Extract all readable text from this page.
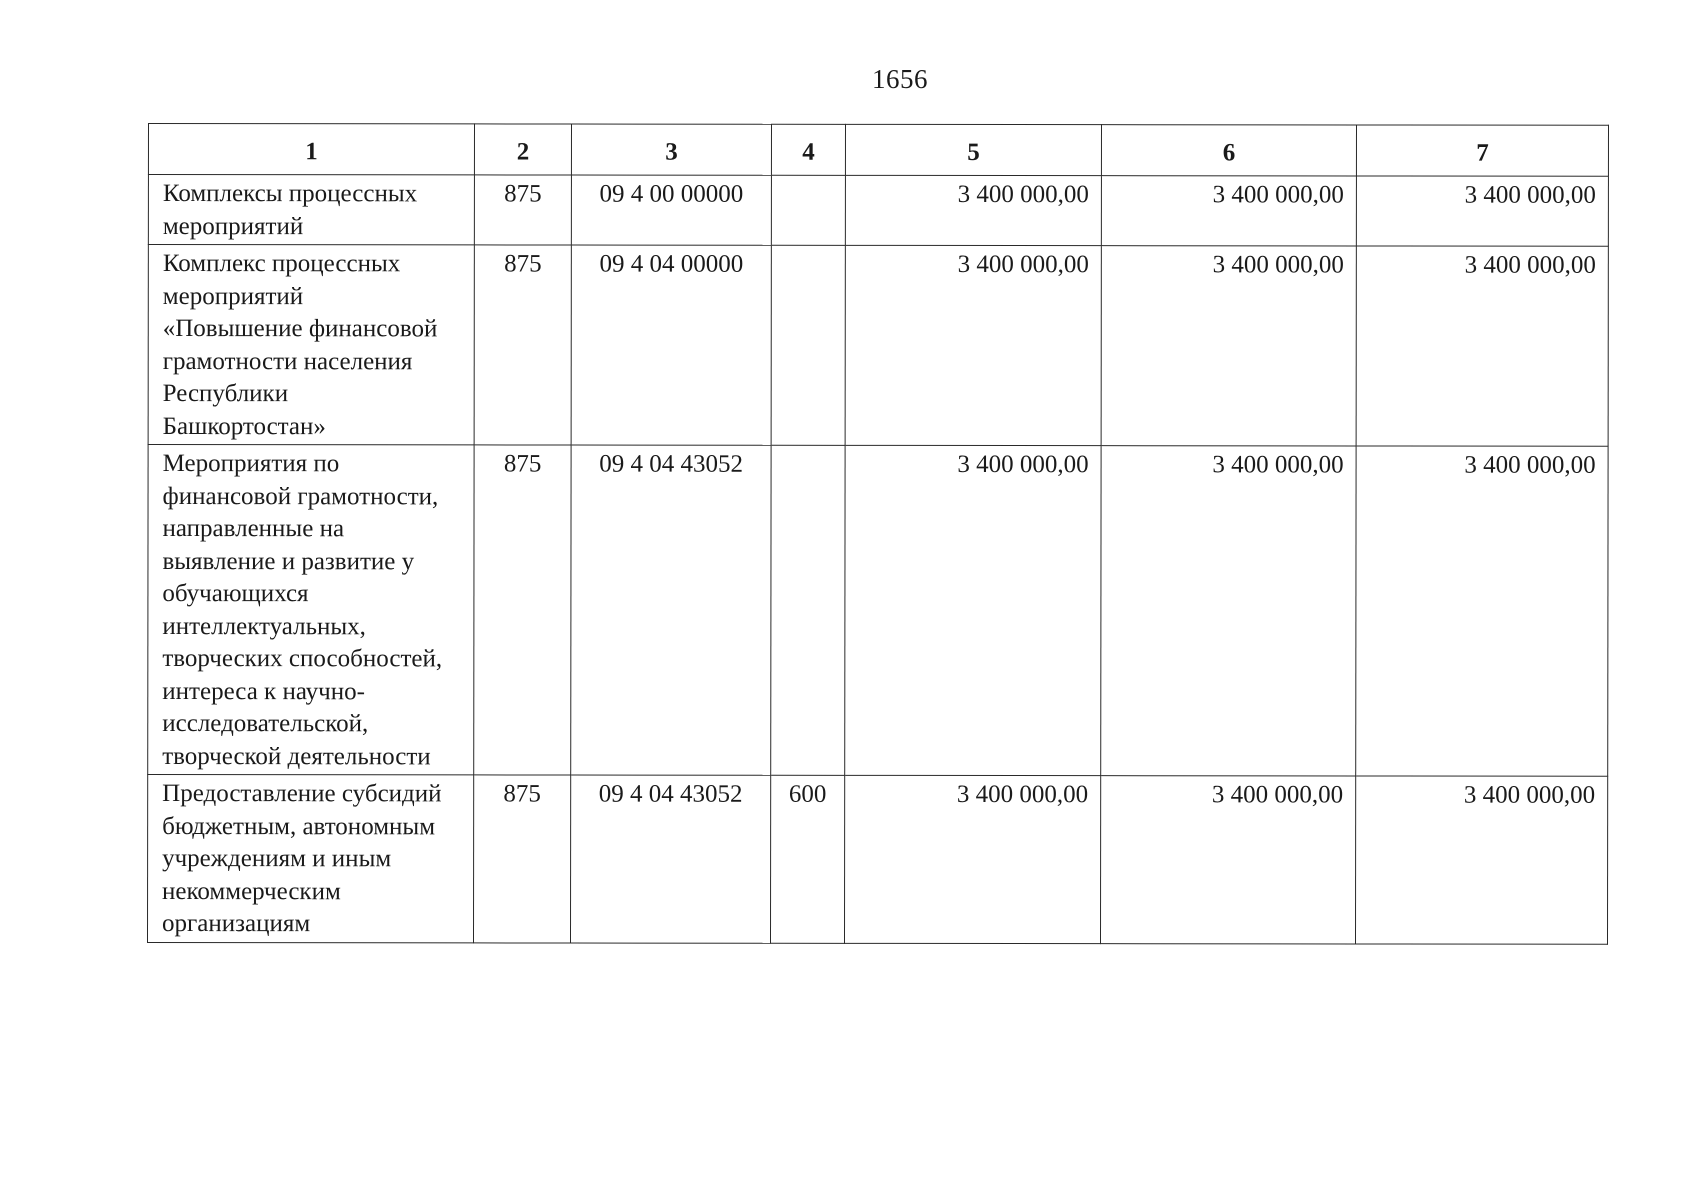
1656
1	2	3	4	5	6	7

Комплексы процессных мероприятий	875	09 4 00 00000		3 400 000,00	3 400 000,00	3 400 000,00

Комплекс процессных мероприятий «Повышение финансовой грамотности населения Республики Башкортостан»	875	09 4 04 00000		3 400 000,00	3 400 000,00	3 400 000,00

Мероприятия по финансовой грамотности, направленные на выявление и развитие у обучающихся интеллектуальных, творческих способностей, интереса к научно-исследовательской, творческой деятельности	875	09 4 04 43052		3 400 000,00	3 400 000,00	3 400 000,00

Предоставление субсидий бюджетным, автономным учреждениям и иным некоммерческим организациям	875	09 4 04 43052	600	3 400 000,00	3 400 000,00	3 400 000,00
